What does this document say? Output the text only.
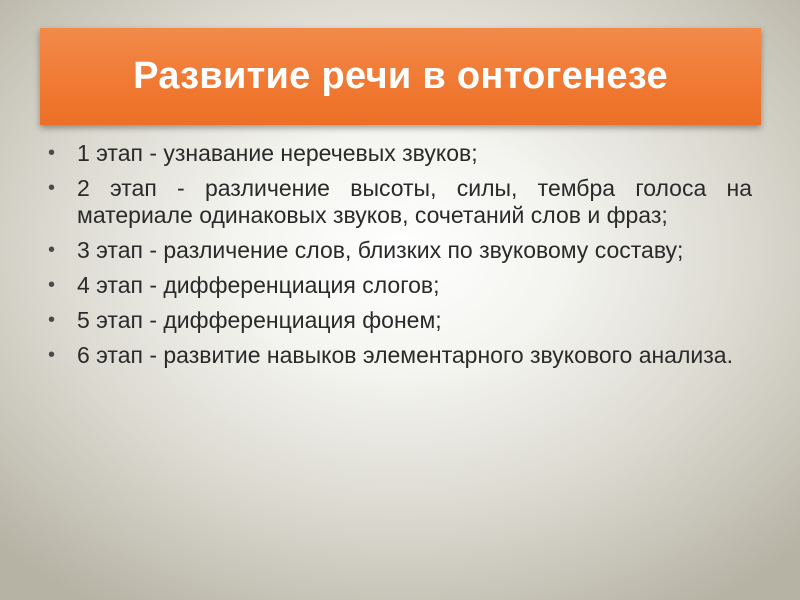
Развитие речи в онтогенезе
• 1 этап - узнавание неречевых звуков;
• 2 этап - различение высоты, силы, тембра голоса на материале одинаковых звуков, сочетаний слов и фраз;
• 3 этап - различение слов, близких по звуковому составу;
• 4 этап - дифференциация слогов;
• 5 этап - дифференциация фонем;
• 6 этап - развитие навыков элементарного звукового анализа.
